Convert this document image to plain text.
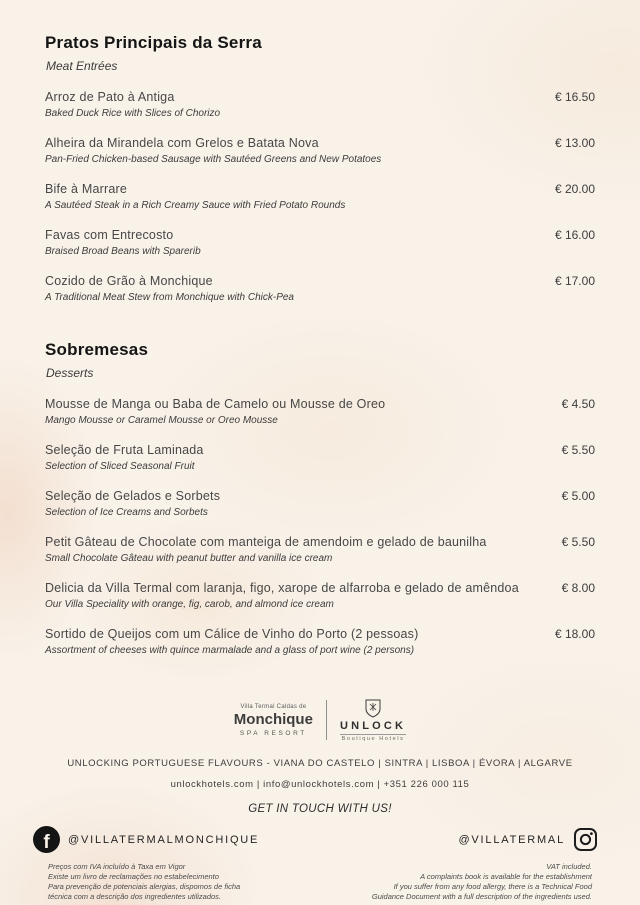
Pratos Principais da Serra
Meat Entrées
Arroz de Pato à Antiga	€ 16.50
Baked Duck Rice with Slices of Chorizo
Alheira da Mirandela com Grelos e Batata Nova	€ 13.00
Pan-Fried Chicken-based Sausage with Sautéed Greens and New Potatoes
Bife à Marrare	€ 20.00
A Sautéed Steak in a Rich Creamy Sauce with Fried Potato Rounds
Favas com Entrecosto	€ 16.00
Braised Broad Beans with Sparerib
Cozido de Grão à Monchique	€ 17.00
A Traditional Meat Stew from Monchique with Chick-Pea
Sobremesas
Desserts
Mousse de Manga ou Baba de Camelo ou Mousse de Oreo	€ 4.50
Mango Mousse or Caramel Mousse or Oreo Mousse
Seleção de Fruta Laminada	€ 5.50
Selection of Sliced Seasonal Fruit
Seleção de Gelados e Sorbets	€ 5.00
Selection of Ice Creams and Sorbets
Petit Gâteau de Chocolate com manteiga de amendoim e gelado de baunilha	€ 5.50
Small Chocolate Gâteau with peanut butter and vanilla ice cream
Delicia da Villa Termal com laranja, figo, xarope de alfarroba e gelado de amêndoa	€ 8.00
Our Villa Speciality with orange, fig, carob, and almond ice cream
Sortido de Queijos com um Cálice de Vinho do Porto (2 pessoas)	€ 18.00
Assortment of cheeses with quince marmalade and a glass of port wine (2 persons)
Villa Termal Caldas de
Monchique
SPA RESORT
UNLOCK
Boutique Hotels
UNLOCKING PORTUGUESE FLAVOURS - VIANA DO CASTELO | SINTRA | LISBOA | ÉVORA | ALGARVE
unlockhotels.com | info@unlockhotels.com | +351 226 000 115
GET IN TOUCH WITH US!
f	@VILLATERMALMONCHIQUE	@VILLATERMAL

Preços com IVA incluído à Taxa em Vigor

Existe um livro de reclamações no estabelecimento

Para prevenção de potenciais alergias, dispomos de ficha

técnica com a descrição dos ingredientes utilizados.

VAT included.

A complaints book is available for the establishment

If you suffer from any food allergy, there is a Technical Food

Guidance Document with a full description of the ingredients used.
